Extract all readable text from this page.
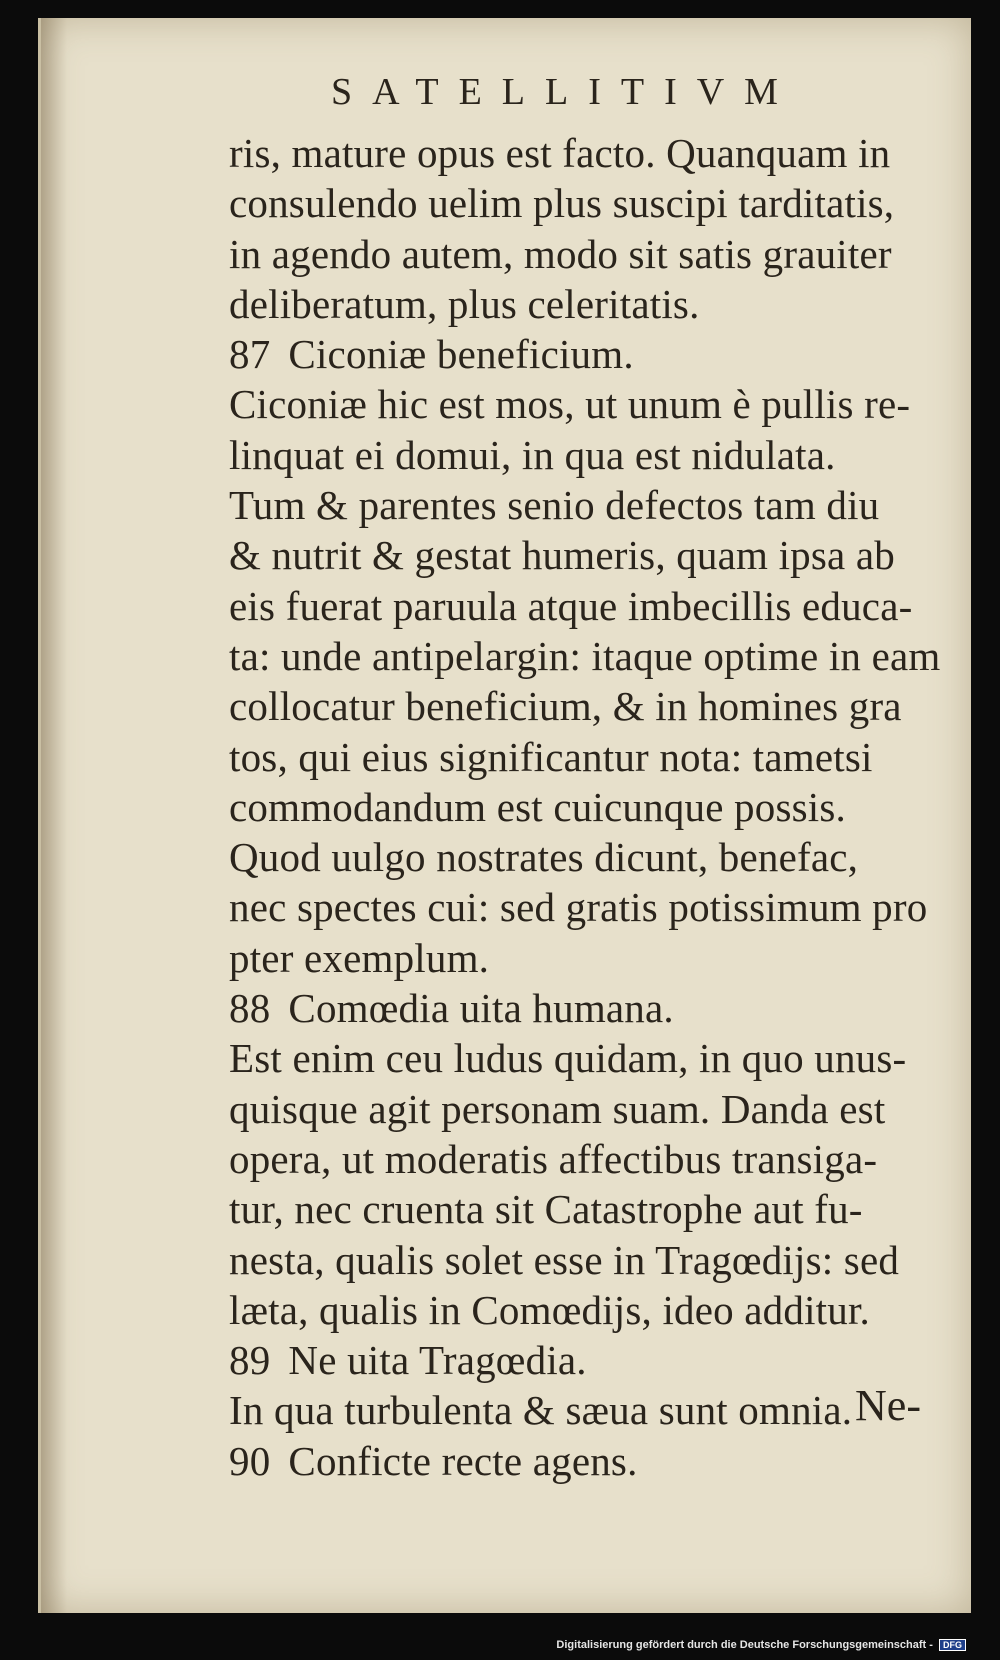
SATELLITIVM
ris, mature opus est facto. Quanquam in
consulendo uelim plus suscipi tarditatis,
in agendo autem, modo sit satis grauiter
deliberatum, plus celeritatis.
87 Ciconiæ beneficium.
Ciconiæ hic est mos, ut unum è pullis re-
linquat ei domui, in qua est nidulata.
Tum & parentes senio defectos tam diu
& nutrit & gestat humeris, quam ipsa ab
eis fuerat paruula atque imbecillis educa-
ta: unde antipelargin: itaque optime in eam
collocatur beneficium, & in homines gra
tos, qui eius significantur nota: tametsi
commodandum est cuicunque possis.
Quod uulgo nostrates dicunt, benefac,
nec spectes cui: sed gratis potissimum pro
pter exemplum.
88 Comœdia uita humana.
Est enim ceu ludus quidam, in quo unus-
quisque agit personam suam. Danda est
opera, ut moderatis affectibus transiga-
tur, nec cruenta sit Catastrophe aut fu-
nesta, qualis solet esse in Tragœdijs: sed
læta, qualis in Comœdijs, ideo additur.
89 Ne uita Tragœdia.
In qua turbulenta & sæua sunt omnia.
90 Conficte recte agens.
Ne-
Digitalisierung gefördert durch die Deutsche Forschungsgemeinschaft - DFG
